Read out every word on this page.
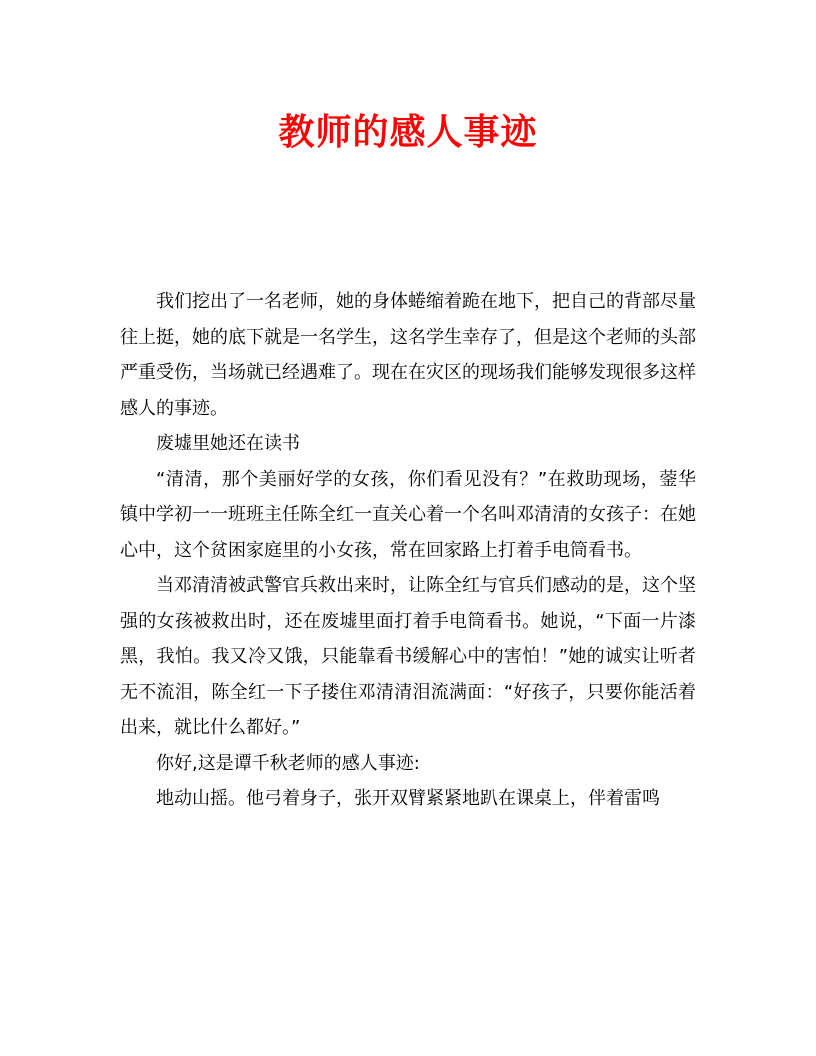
教师的感人事迹

我们挖出了一名老师，她的身体蜷缩着跪在地下，把自己的背部尽量往上挺，她的底下就是一名学生，这名学生幸存了，但是这个老师的头部严重受伤，当场就已经遇难了。现在在灾区的现场我们能够发现很多这样感人的事迹。

废墟里她还在读书

“清清，那个美丽好学的女孩，你们看见没有？”在救助现场，蓥华镇中学初一一班班主任陈全红一直关心着一个名叫邓清清的女孩子：在她心中，这个贫困家庭里的小女孩，常在回家路上打着手电筒看书。

当邓清清被武警官兵救出来时，让陈全红与官兵们感动的是，这个坚强的女孩被救出时，还在废墟里面打着手电筒看书。她说，“下面一片漆黑，我怕。我又冷又饿，只能靠看书缓解心中的害怕！”她的诚实让听者无不流泪，陈全红一下子搂住邓清清泪流满面：“好孩子，只要你能活着出来，就比什么都好。”

你好,这是谭千秋老师的感人事迹:

地动山摇。他弓着身子，张开双臂紧紧地趴在课桌上，伴着雷鸣
